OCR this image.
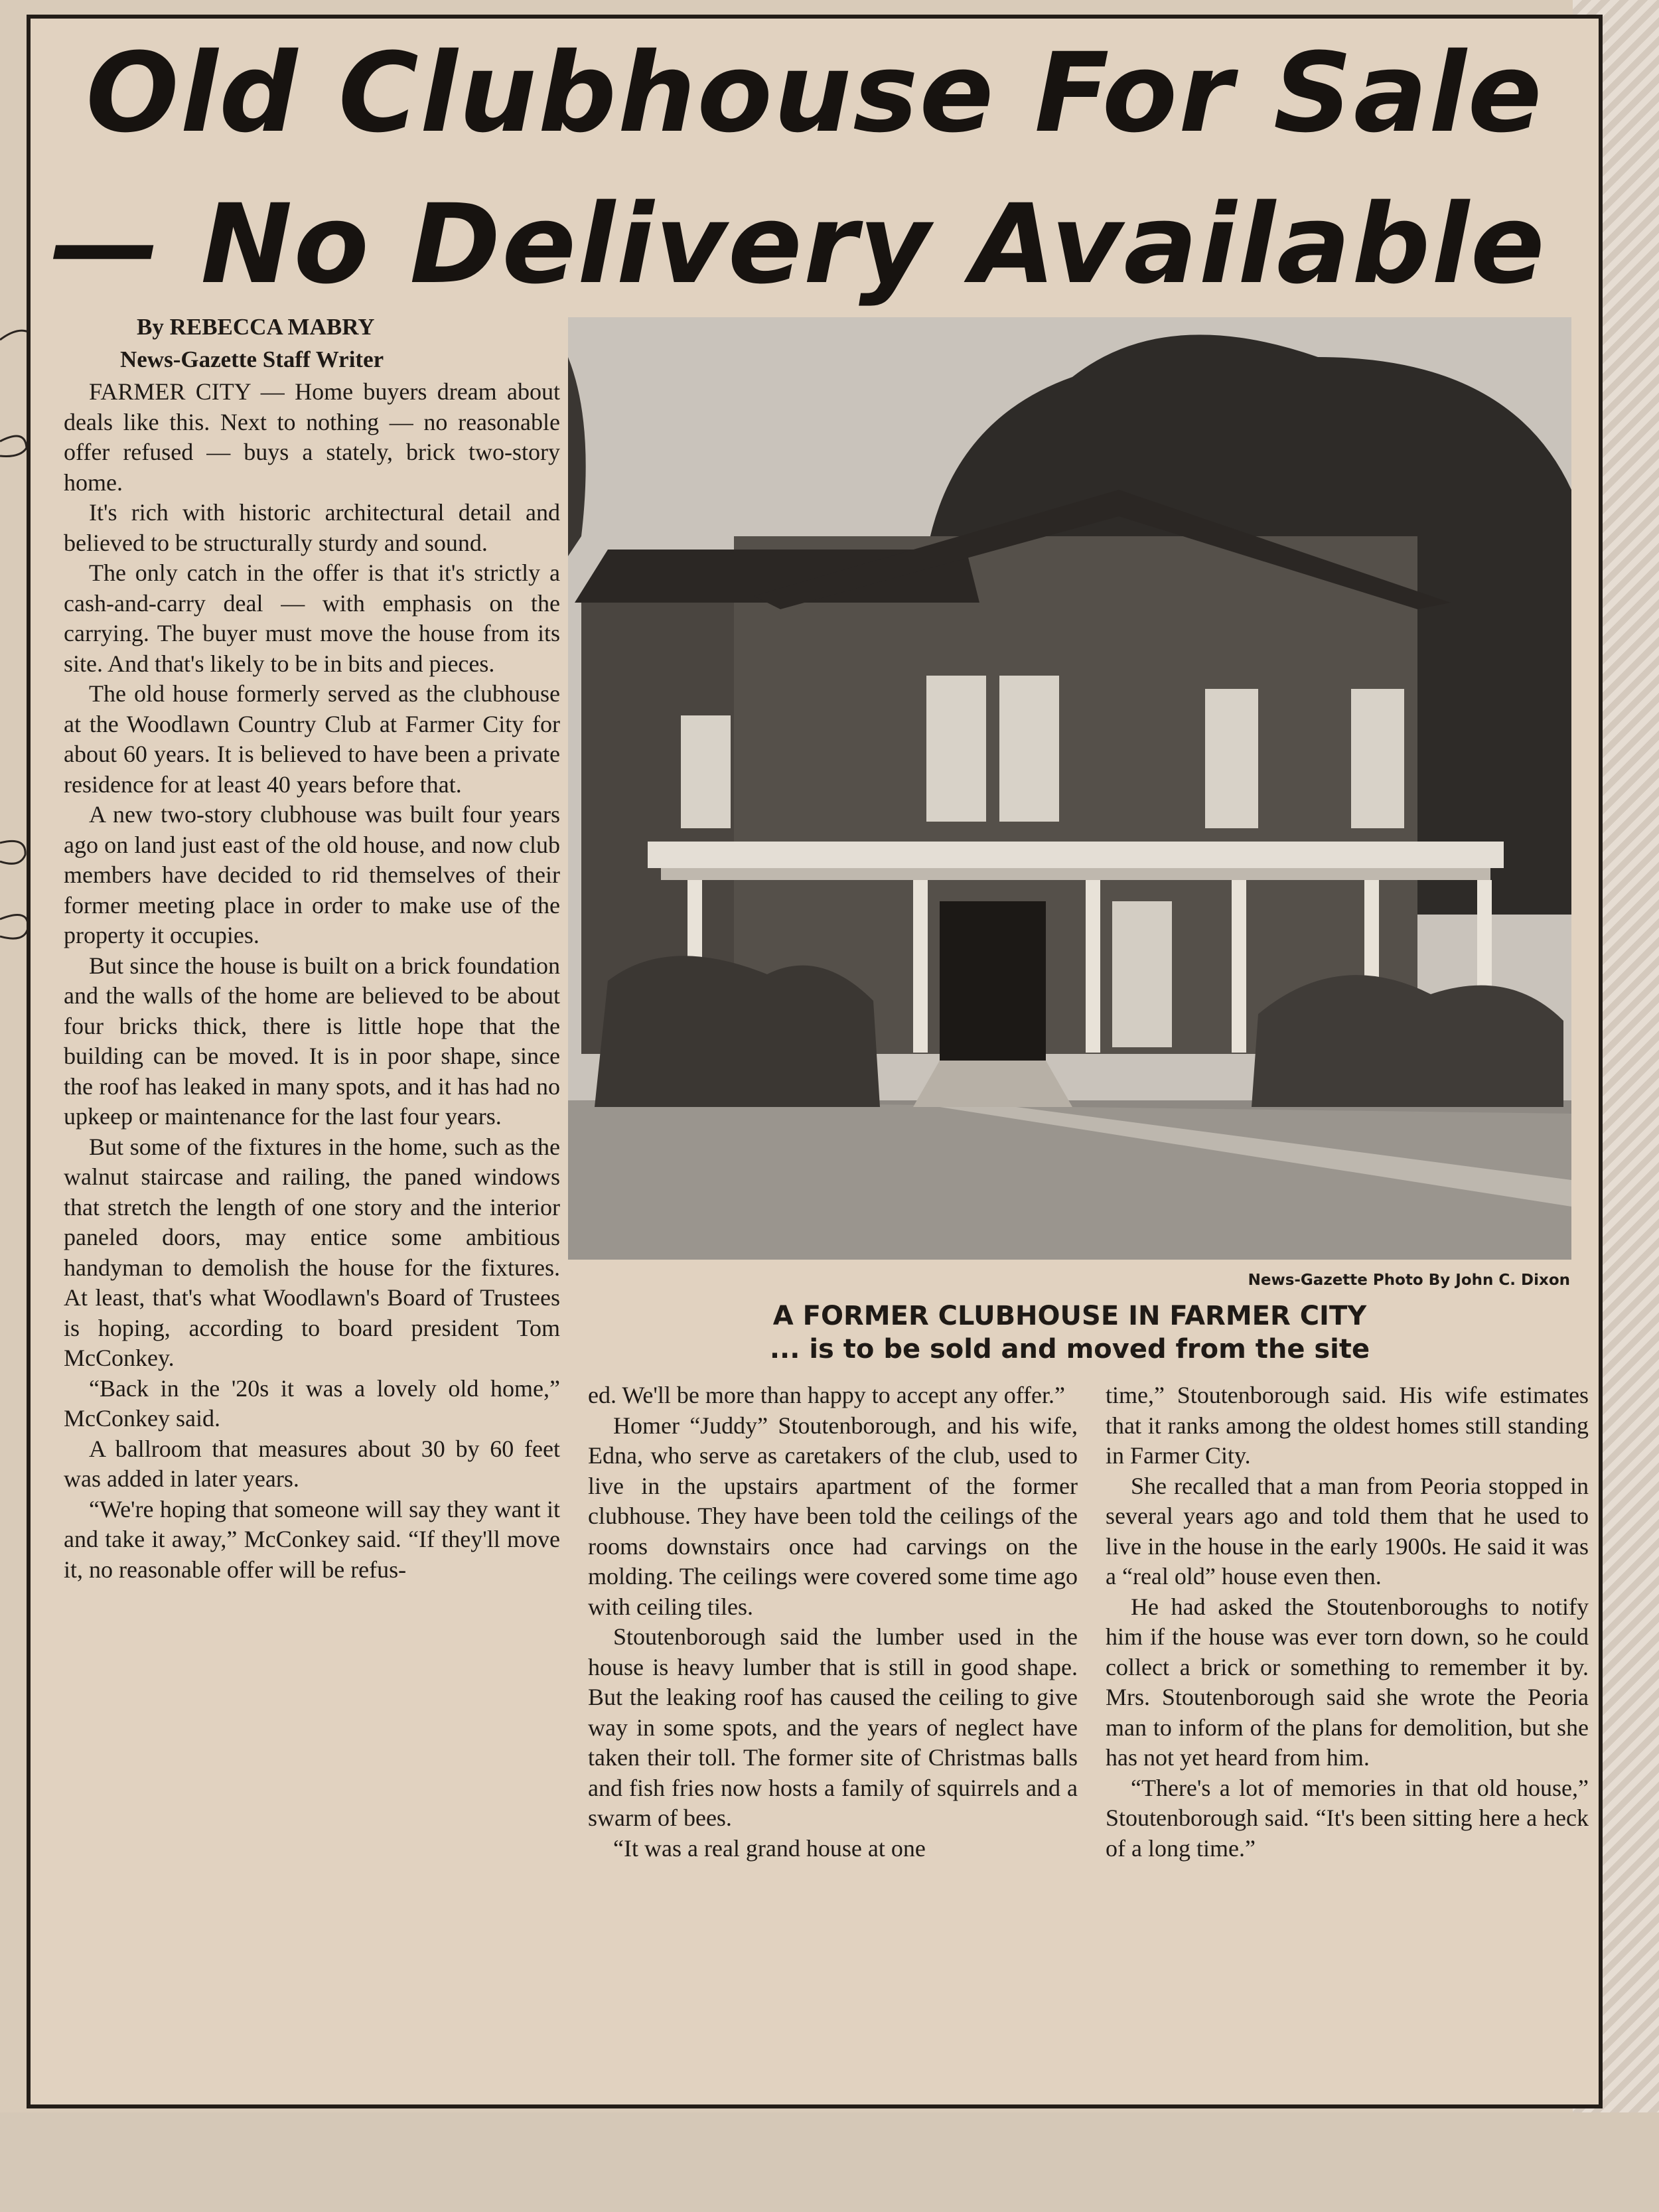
Old Clubhouse For Sale
— No Delivery Available
By REBECCA MABRY
News-Gazette Staff Writer

FARMER CITY — Home buyers dream about deals like this. Next to nothing — no reasonable offer refused — buys a stately, brick two-story home.

It's rich with historic architectural detail and believed to be structurally sturdy and sound.

The only catch in the offer is that it's strictly a cash-and-carry deal — with emphasis on the carrying. The buyer must move the house from its site. And that's likely to be in bits and pieces.

The old house formerly served as the clubhouse at the Woodlawn Country Club at Farmer City for about 60 years. It is believed to have been a private residence for at least 40 years before that.

A new two-story clubhouse was built four years ago on land just east of the old house, and now club members have decided to rid themselves of their former meeting place in order to make use of the property it occupies.

But since the house is built on a brick foundation and the walls of the home are believed to be about four bricks thick, there is little hope that the building can be moved. It is in poor shape, since the roof has leaked in many spots, and it has had no upkeep or maintenance for the last four years.

But some of the fixtures in the home, such as the walnut staircase and railing, the paned windows that stretch the length of one story and the interior paneled doors, may entice some ambitious handyman to demolish the house for the fixtures. At least, that's what Woodlawn's Board of Trustees is hoping, according to board president Tom McConkey.

“Back in the '20s it was a lovely old home,” McConkey said.

A ballroom that measures about 30 by 60 feet was added in later years.

“We're hoping that someone will say they want it and take it away,” McConkey said. “If they'll move it, no reasonable offer will be refus-

News-Gazette Photo By John C. Dixon
A FORMER CLUBHOUSE IN FARMER CITY
... is to be sold and moved from the site

ed. We'll be more than happy to accept any offer.”

Homer “Juddy” Stoutenborough, and his wife, Edna, who serve as caretakers of the club, used to live in the upstairs apartment of the former clubhouse. They have been told the ceilings of the rooms downstairs once had carvings on the molding. The ceilings were covered some time ago with ceiling tiles.

Stoutenborough said the lumber used in the house is heavy lumber that is still in good shape. But the leaking roof has caused the ceiling to give way in some spots, and the years of neglect have taken their toll. The former site of Christmas balls and fish fries now hosts a family of squirrels and a swarm of bees.

“It was a real grand house at one

time,” Stoutenborough said. His wife estimates that it ranks among the oldest homes still standing in Farmer City.

She recalled that a man from Peoria stopped in several years ago and told them that he used to live in the house in the early 1900s. He said it was a “real old” house even then.

He had asked the Stoutenboroughs to notify him if the house was ever torn down, so he could collect a brick or something to remember it by. Mrs. Stoutenborough said she wrote the Peoria man to inform of the plans for demolition, but she has not yet heard from him.

“There's a lot of memories in that old house,” Stoutenborough said. “It's been sitting here a heck of a long time.”
